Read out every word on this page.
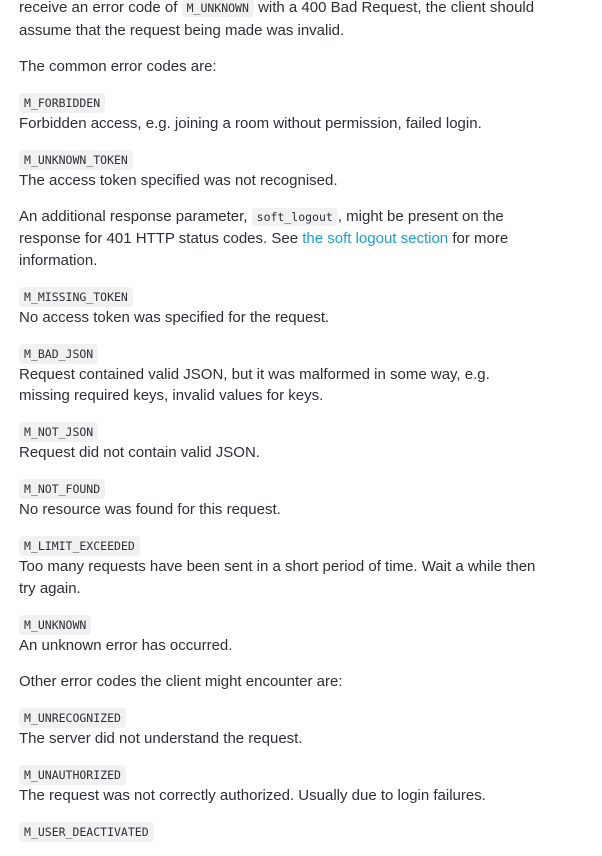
receive an error code of M_UNKNOWN with a 400 Bad Request, the client should assume that the request being made was invalid.

The common error codes are:

M_FORBIDDEN
Forbidden access, e.g. joining a room without permission, failed login.
M_UNKNOWN_TOKEN
The access token specified was not recognised.

An additional response parameter, soft_logout , might be present on the response for 401 HTTP status codes. See the soft logout section for more information.

M_MISSING_TOKEN
No access token was specified for the request.
M_BAD_JSON
Request contained valid JSON, but it was malformed in some way, e.g. missing required keys, invalid values for keys.
M_NOT_JSON
Request did not contain valid JSON.
M_NOT_FOUND
No resource was found for this request.
M_LIMIT_EXCEEDED
Too many requests have been sent in a short period of time. Wait a while then try again.
M_UNKNOWN
An unknown error has occurred.

Other error codes the client might encounter are:

M_UNRECOGNIZED
The server did not understand the request.
M_UNAUTHORIZED
The request was not correctly authorized. Usually due to login failures.
M_USER_DEACTIVATED
